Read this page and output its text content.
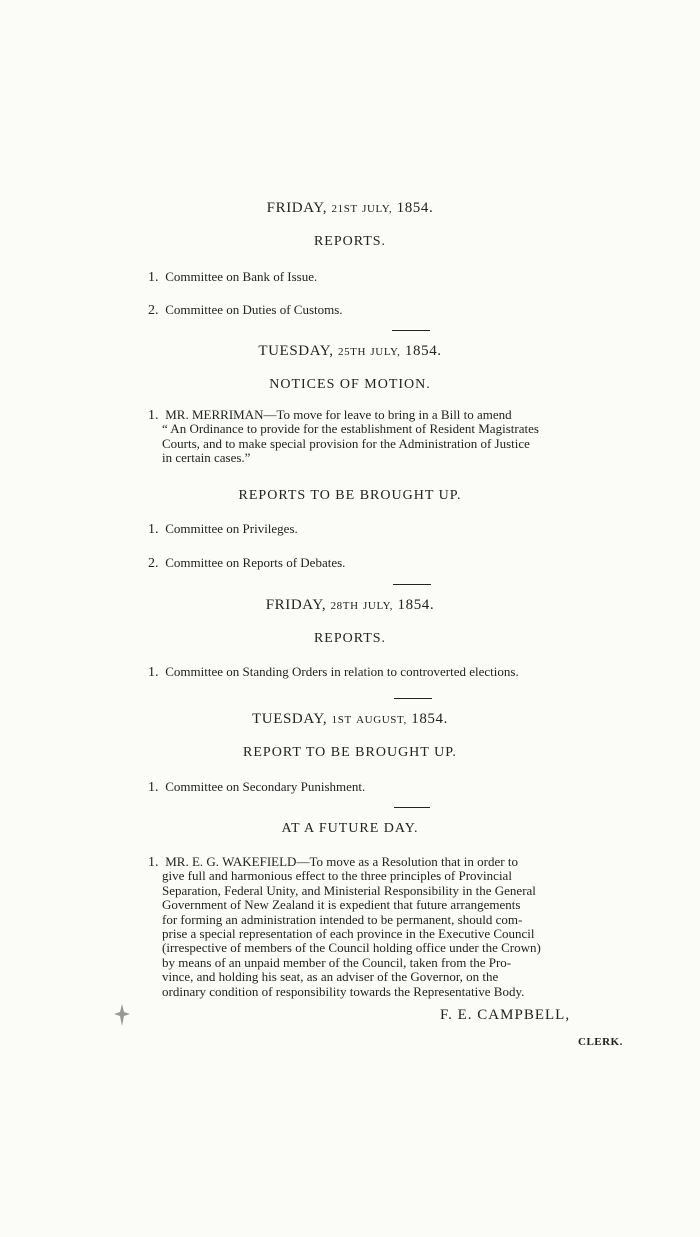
FRIDAY, 21ST JULY, 1854.
REPORTS.
1. Committee on Bank of Issue.
2. Committee on Duties of Customs.
TUESDAY, 25TH JULY, 1854.
NOTICES OF MOTION.
1. MR. MERRIMAN—To move for leave to bring in a Bill to amend
“ An Ordinance to provide for the establishment of Resident Magistrates
Courts, and to make special provision for the Administration of Justice
in certain cases.”
REPORTS TO BE BROUGHT UP.
1. Committee on Privileges.
2. Committee on Reports of Debates.
FRIDAY, 28TH JULY, 1854.
REPORTS.
1. Committee on Standing Orders in relation to controverted elections.
TUESDAY, 1ST AUGUST, 1854.
REPORT TO BE BROUGHT UP.
1. Committee on Secondary Punishment.
AT A FUTURE DAY.
1. MR. E. G. WAKEFIELD—To move as a Resolution that in order to
give full and harmonious effect to the three principles of Provincial
Separation, Federal Unity, and Ministerial Responsibility in the General
Government of New Zealand it is expedient that future arrangements
for forming an administration intended to be permanent, should com-
prise a special representation of each province in the Executive Council
(irrespective of members of the Council holding office under the Crown)
by means of an unpaid member of the Council, taken from the Pro-
vince, and holding his seat, as an adviser of the Governor, on the
ordinary condition of responsibility towards the Representative Body.
F. E. CAMPBELL,
CLERK.
